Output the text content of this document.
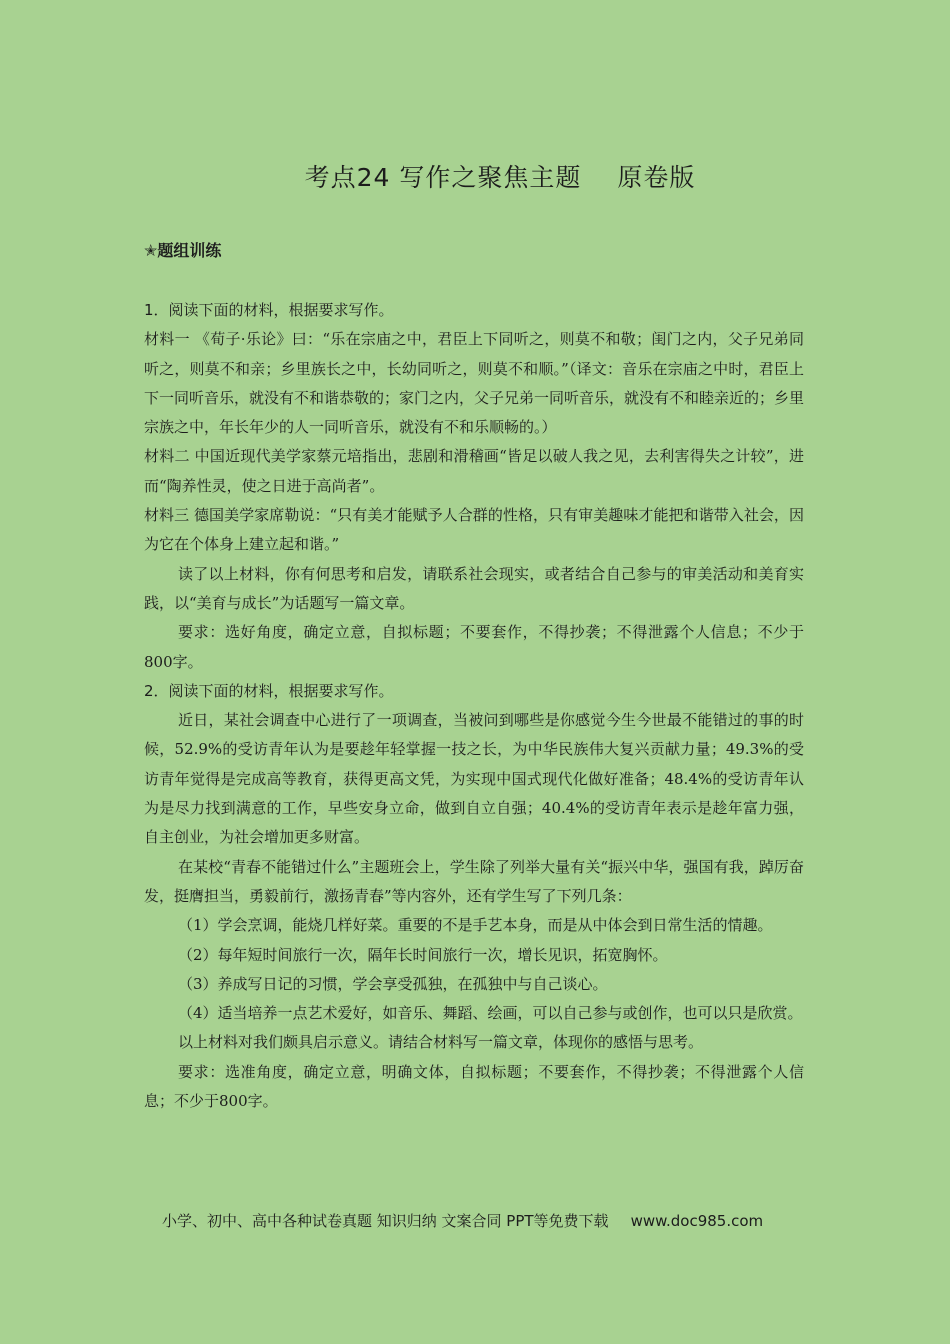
考点24 写作之聚焦主题 原卷版
✭题组训练

1．阅读下面的材料，根据要求写作。

材料一 《荀子·乐论》曰：“乐在宗庙之中，君臣上下同听之，则莫不和敬；闺门之内，父子兄弟同听之，则莫不和亲；乡里族长之中，长幼同听之，则莫不和顺。”（译文：音乐在宗庙之中时，君臣上下一同听音乐，就没有不和谐恭敬的；家门之内，父子兄弟一同听音乐，就没有不和睦亲近的；乡里宗族之中，年长年少的人一同听音乐，就没有不和乐顺畅的。）

材料二 中国近现代美学家蔡元培指出，悲剧和滑稽画“皆足以破人我之见，去利害得失之计较”，进而“陶养性灵，使之日进于高尚者”。

材料三 德国美学家席勒说：“只有美才能赋予人合群的性格，只有审美趣味才能把和谐带入社会，因为它在个体身上建立起和谐。”

读了以上材料，你有何思考和启发，请联系社会现实，或者结合自己参与的审美活动和美育实践，以“美育与成长”为话题写一篇文章。

要求：选好角度，确定立意，自拟标题；不要套作，不得抄袭；不得泄露个人信息；不少于800字。

2．阅读下面的材料，根据要求写作。

近日，某社会调查中心进行了一项调查，当被问到哪些是你感觉今生今世最不能错过的事的时候，52.9%的受访青年认为是要趁年轻掌握一技之长，为中华民族伟大复兴贡献力量；49.3%的受访青年觉得是完成高等教育，获得更高文凭，为实现中国式现代化做好准备；48.4%的受访青年认为是尽力找到满意的工作，早些安身立命，做到自立自强；40.4%的受访青年表示是趁年富力强，自主创业，为社会增加更多财富。

在某校“青春不能错过什么”主题班会上，学生除了列举大量有关“振兴中华，强国有我，踔厉奋发，挺膺担当，勇毅前行，激扬青春”等内容外，还有学生写了下列几条：

（1）学会烹调，能烧几样好菜。重要的不是手艺本身，而是从中体会到日常生活的情趣。

（2）每年短时间旅行一次，隔年长时间旅行一次，增长见识，拓宽胸怀。

（3）养成写日记的习惯，学会享受孤独，在孤独中与自己谈心。

（4）适当培养一点艺术爱好，如音乐、舞蹈、绘画，可以自己参与或创作，也可以只是欣赏。

以上材料对我们颇具启示意义。请结合材料写一篇文章，体现你的感悟与思考。

要求：选准角度，确定立意，明确文体，自拟标题；不要套作，不得抄袭；不得泄露个人信息；不少于800字。

小学、初中、高中各种试卷真题 知识归纳 文案合同 PPT等免费下载 www.doc985.com
